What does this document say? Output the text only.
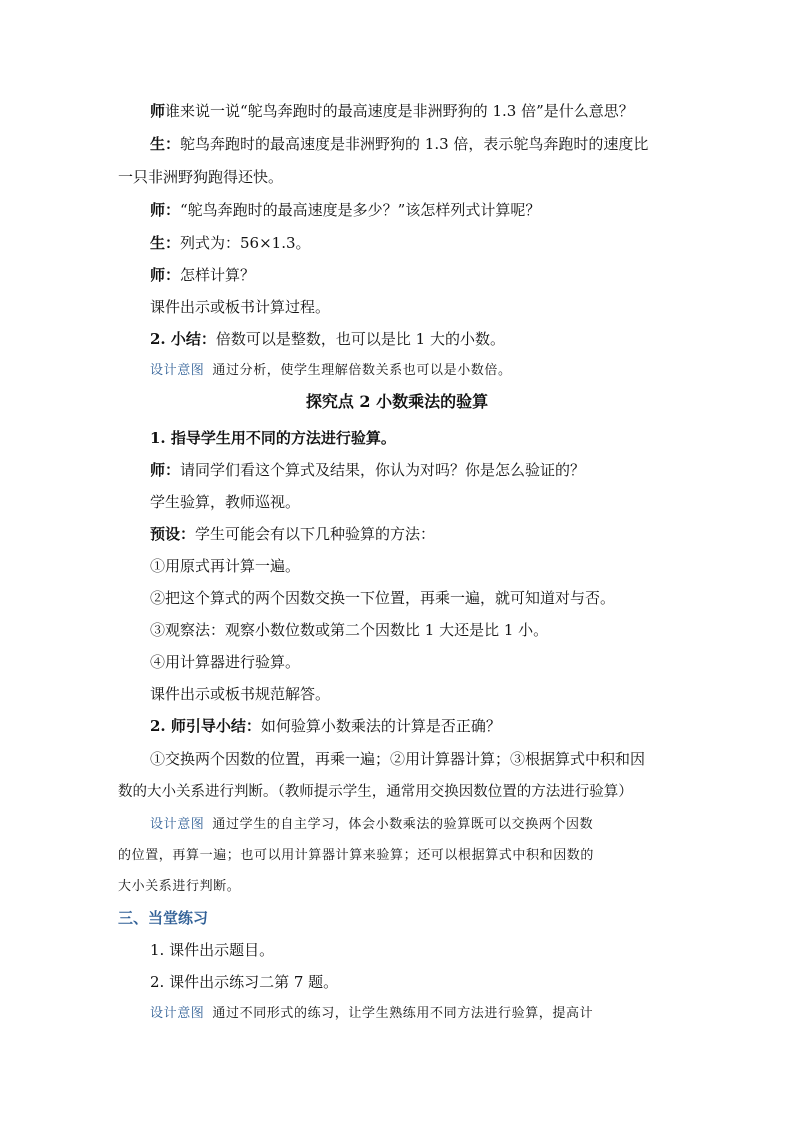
师谁来说一说“鸵鸟奔跑时的最高速度是非洲野狗的 1.3 倍”是什么意思？
生：鸵鸟奔跑时的最高速度是非洲野狗的 1.3 倍，表示鸵鸟奔跑时的速度比
一只非洲野狗跑得还快。
师：“鸵鸟奔跑时的最高速度是多少？”该怎样列式计算呢？
生：列式为：56×1.3。
师：怎样计算？
课件出示或板书计算过程。
2. 小结：倍数可以是整数，也可以是比 1 大的小数。
设计意图 通过分析，使学生理解倍数关系也可以是小数倍。
探究点 2 小数乘法的验算
1. 指导学生用不同的方法进行验算。
师：请同学们看这个算式及结果，你认为对吗？你是怎么验证的？
学生验算，教师巡视。
预设：学生可能会有以下几种验算的方法：
①用原式再计算一遍。
②把这个算式的两个因数交换一下位置，再乘一遍，就可知道对与否。
③观察法：观察小数位数或第二个因数比 1 大还是比 1 小。
④用计算器进行验算。
课件出示或板书规范解答。
2. 师引导小结：如何验算小数乘法的计算是否正确？
①交换两个因数的位置，再乘一遍；②用计算器计算；③根据算式中积和因
数的大小关系进行判断。（教师提示学生，通常用交换因数位置的方法进行验算）
设计意图 通过学生的自主学习，体会小数乘法的验算既可以交换两个因数
的位置，再算一遍；也可以用计算器计算来验算；还可以根据算式中积和因数的
大小关系进行判断。
三、当堂练习
1. 课件出示题目。
2. 课件出示练习二第 7 题。
设计意图 通过不同形式的练习，让学生熟练用不同方法进行验算，提高计
